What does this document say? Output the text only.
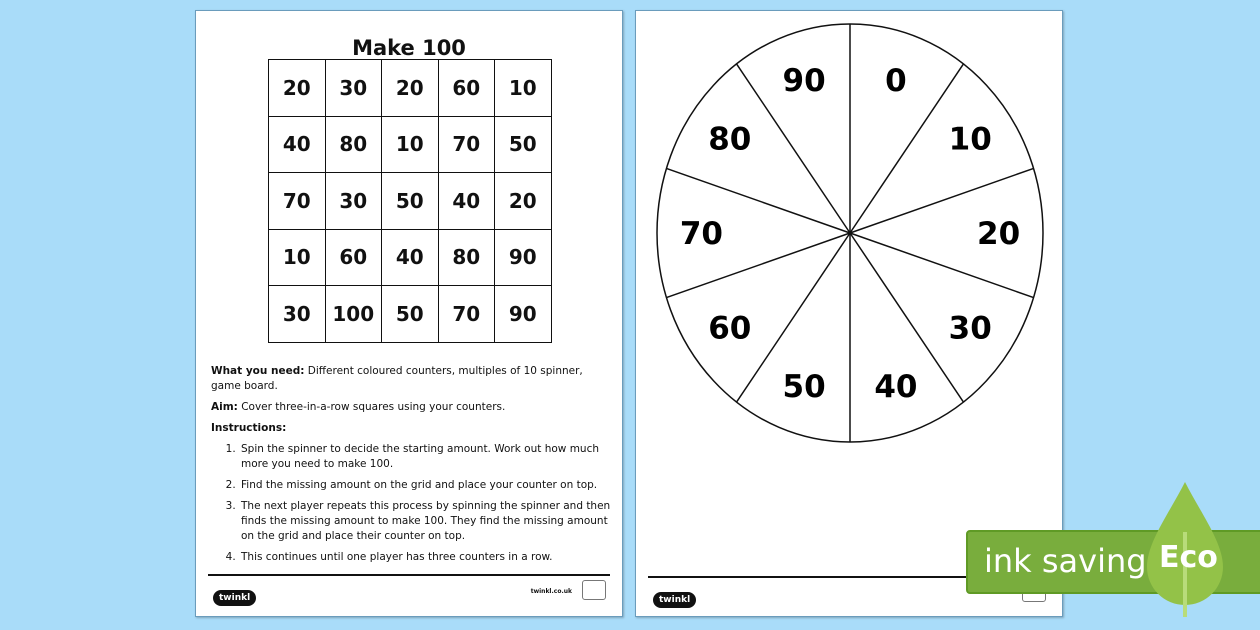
Make 100
20	30	20	60	10
40	80	10	70	50
70	30	50	40	20
10	60	40	80	90
30	100	50	70	90

What you need: Different coloured counters, multiples of 10 spinner, game board.

Aim: Cover three-in-a-row squares using your counters.

Instructions:

1. Spin the spinner to decide the starting amount. Work out how much more you need to make 100.
2. Find the missing amount on the grid and place your counter on top.
3. The next player repeats this process by spinning the spinner and then finds the missing amount to make 100. They find the missing amount on the grid and place their counter on top.
4. This continues until one player has three counters in a row.
twinkl
twinkl.co.uk
0
10
20
30
40
50
60
70
80
90
twinkl
ink saving Eco
